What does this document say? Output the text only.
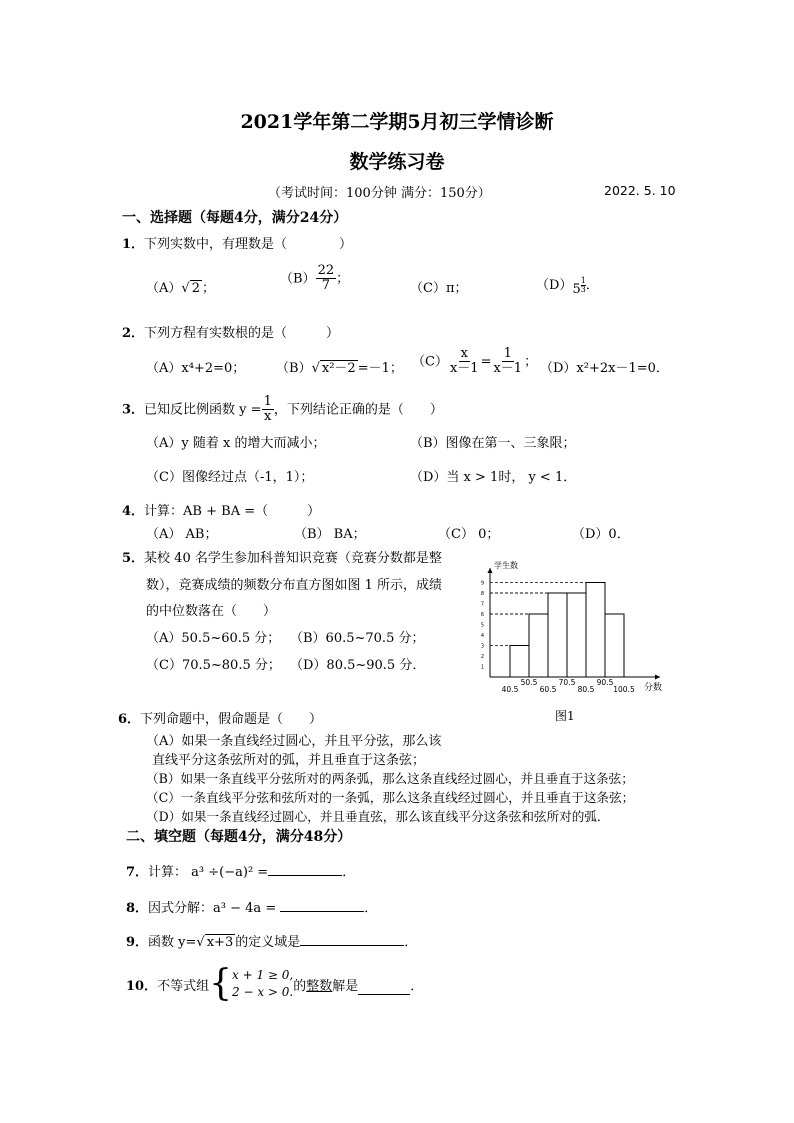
2021学年第二学期5月初三学情诊断
数学练习卷
（考试时间：100分钟 满分：150分）	2022. 5. 10
一、选择题（每题4分，满分24分）
1．下列实数中，有理数是（　　　　）
（A）√ 2 ；
$(B) \frac{22}{7}$ ；
（C）π；	$(D)5 \frac{1}{3}$ ．
2．下列方程有实数根的是（　　　）
（A）x⁴+2=0； （B）√ x²－2 =－1； $(C) \frac{x}{x-1} = \frac{1}{x-1}$ ； （D）x²+2x－1=0．
3．已知反比例函数 $y = \frac{1}{x}$ ，下列结论正确的是（　　）
（A）y 随着 x 的增大而减小；	（B）图像在第一、三象限；
（C）图像经过点（-1，1）；	（D）当 x > 1时， y < 1．
4．计算：AB + BA =（　　　）
（A） AB；	（B） BA；	（C） 0；	（D）0．
5．某校 40 名学生参加科普知识竞赛（竞赛分数都是整
数），竞赛成绩的频数分布直方图如图 1 所示，成绩
的中位数落在（　　）
（A）50.5~60.5 分； （B）60.5~70.5 分；
（C）70.5~80.5 分； （D）80.5~90.5 分．
学生数
分数
1
2
3
4
5
6
7
8
9
40.5
50.5
60.5
70.5
80.5
90.5
100.5
图1
6．下列命题中，假命题是（　　）
（A）如果一条直线经过圆心，并且平分弦，那么该
直线平分这条弦所对的弧，并且垂直于这条弦；
（B）如果一条直线平分弦所对的两条弧，那么这条直线经过圆心，并且垂直于这条弦；
（C）一条直线平分弦和弦所对的一条弧，那么这条直线经过圆心，并且垂直于这条弦；
（D）如果一条直线经过圆心，并且垂直弦，那么该直线平分这条弦和弦所对的弧．
二、填空题（每题4分，满分48分）
7．计算： a³ ÷(−a)² =	．
8．因式分解：a³ − 4a =	．
9．函数 y=√ x+3 的定义域是	．
10． 不等式组 { x + 1 ≥ 0,
2 − x > 0. 的 整数 解是	．
